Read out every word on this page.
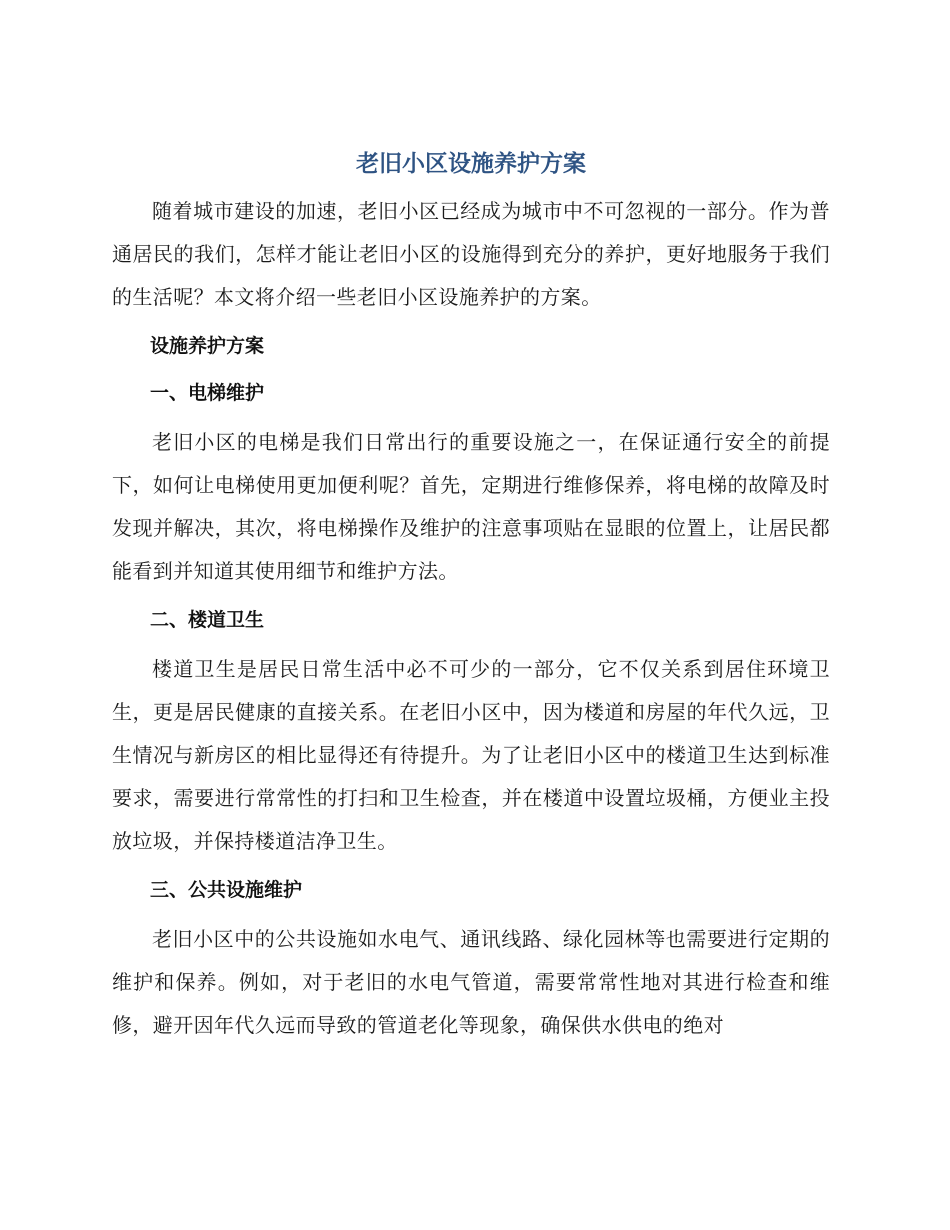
老旧小区设施养护方案

随着城市建设的加速，老旧小区已经成为城市中不可忽视的一部分。作为普通居民的我们，怎样才能让老旧小区的设施得到充分的养护，更好地服务于我们的生活呢？本文将介绍一些老旧小区设施养护的方案。

设施养护方案
一、电梯维护

老旧小区的电梯是我们日常出行的重要设施之一，在保证通行安全的前提下，如何让电梯使用更加便利呢？首先，定期进行维修保养，将电梯的故障及时发现并解决，其次，将电梯操作及维护的注意事项贴在显眼的位置上，让居民都能看到并知道其使用细节和维护方法。

二、楼道卫生

楼道卫生是居民日常生活中必不可少的一部分，它不仅关系到居住环境卫生，更是居民健康的直接关系。在老旧小区中，因为楼道和房屋的年代久远，卫生情况与新房区的相比显得还有待提升。为了让老旧小区中的楼道卫生达到标准要求，需要进行常常性的打扫和卫生检查，并在楼道中设置垃圾桶，方便业主投放垃圾，并保持楼道洁净卫生。

三、公共设施维护

老旧小区中的公共设施如水电气、通讯线路、绿化园林等也需要进行定期的维护和保养。例如，对于老旧的水电气管道，需要常常性地对其进行检查和维修，避开因年代久远而导致的管道老化等现象，确保供水供电的绝对
